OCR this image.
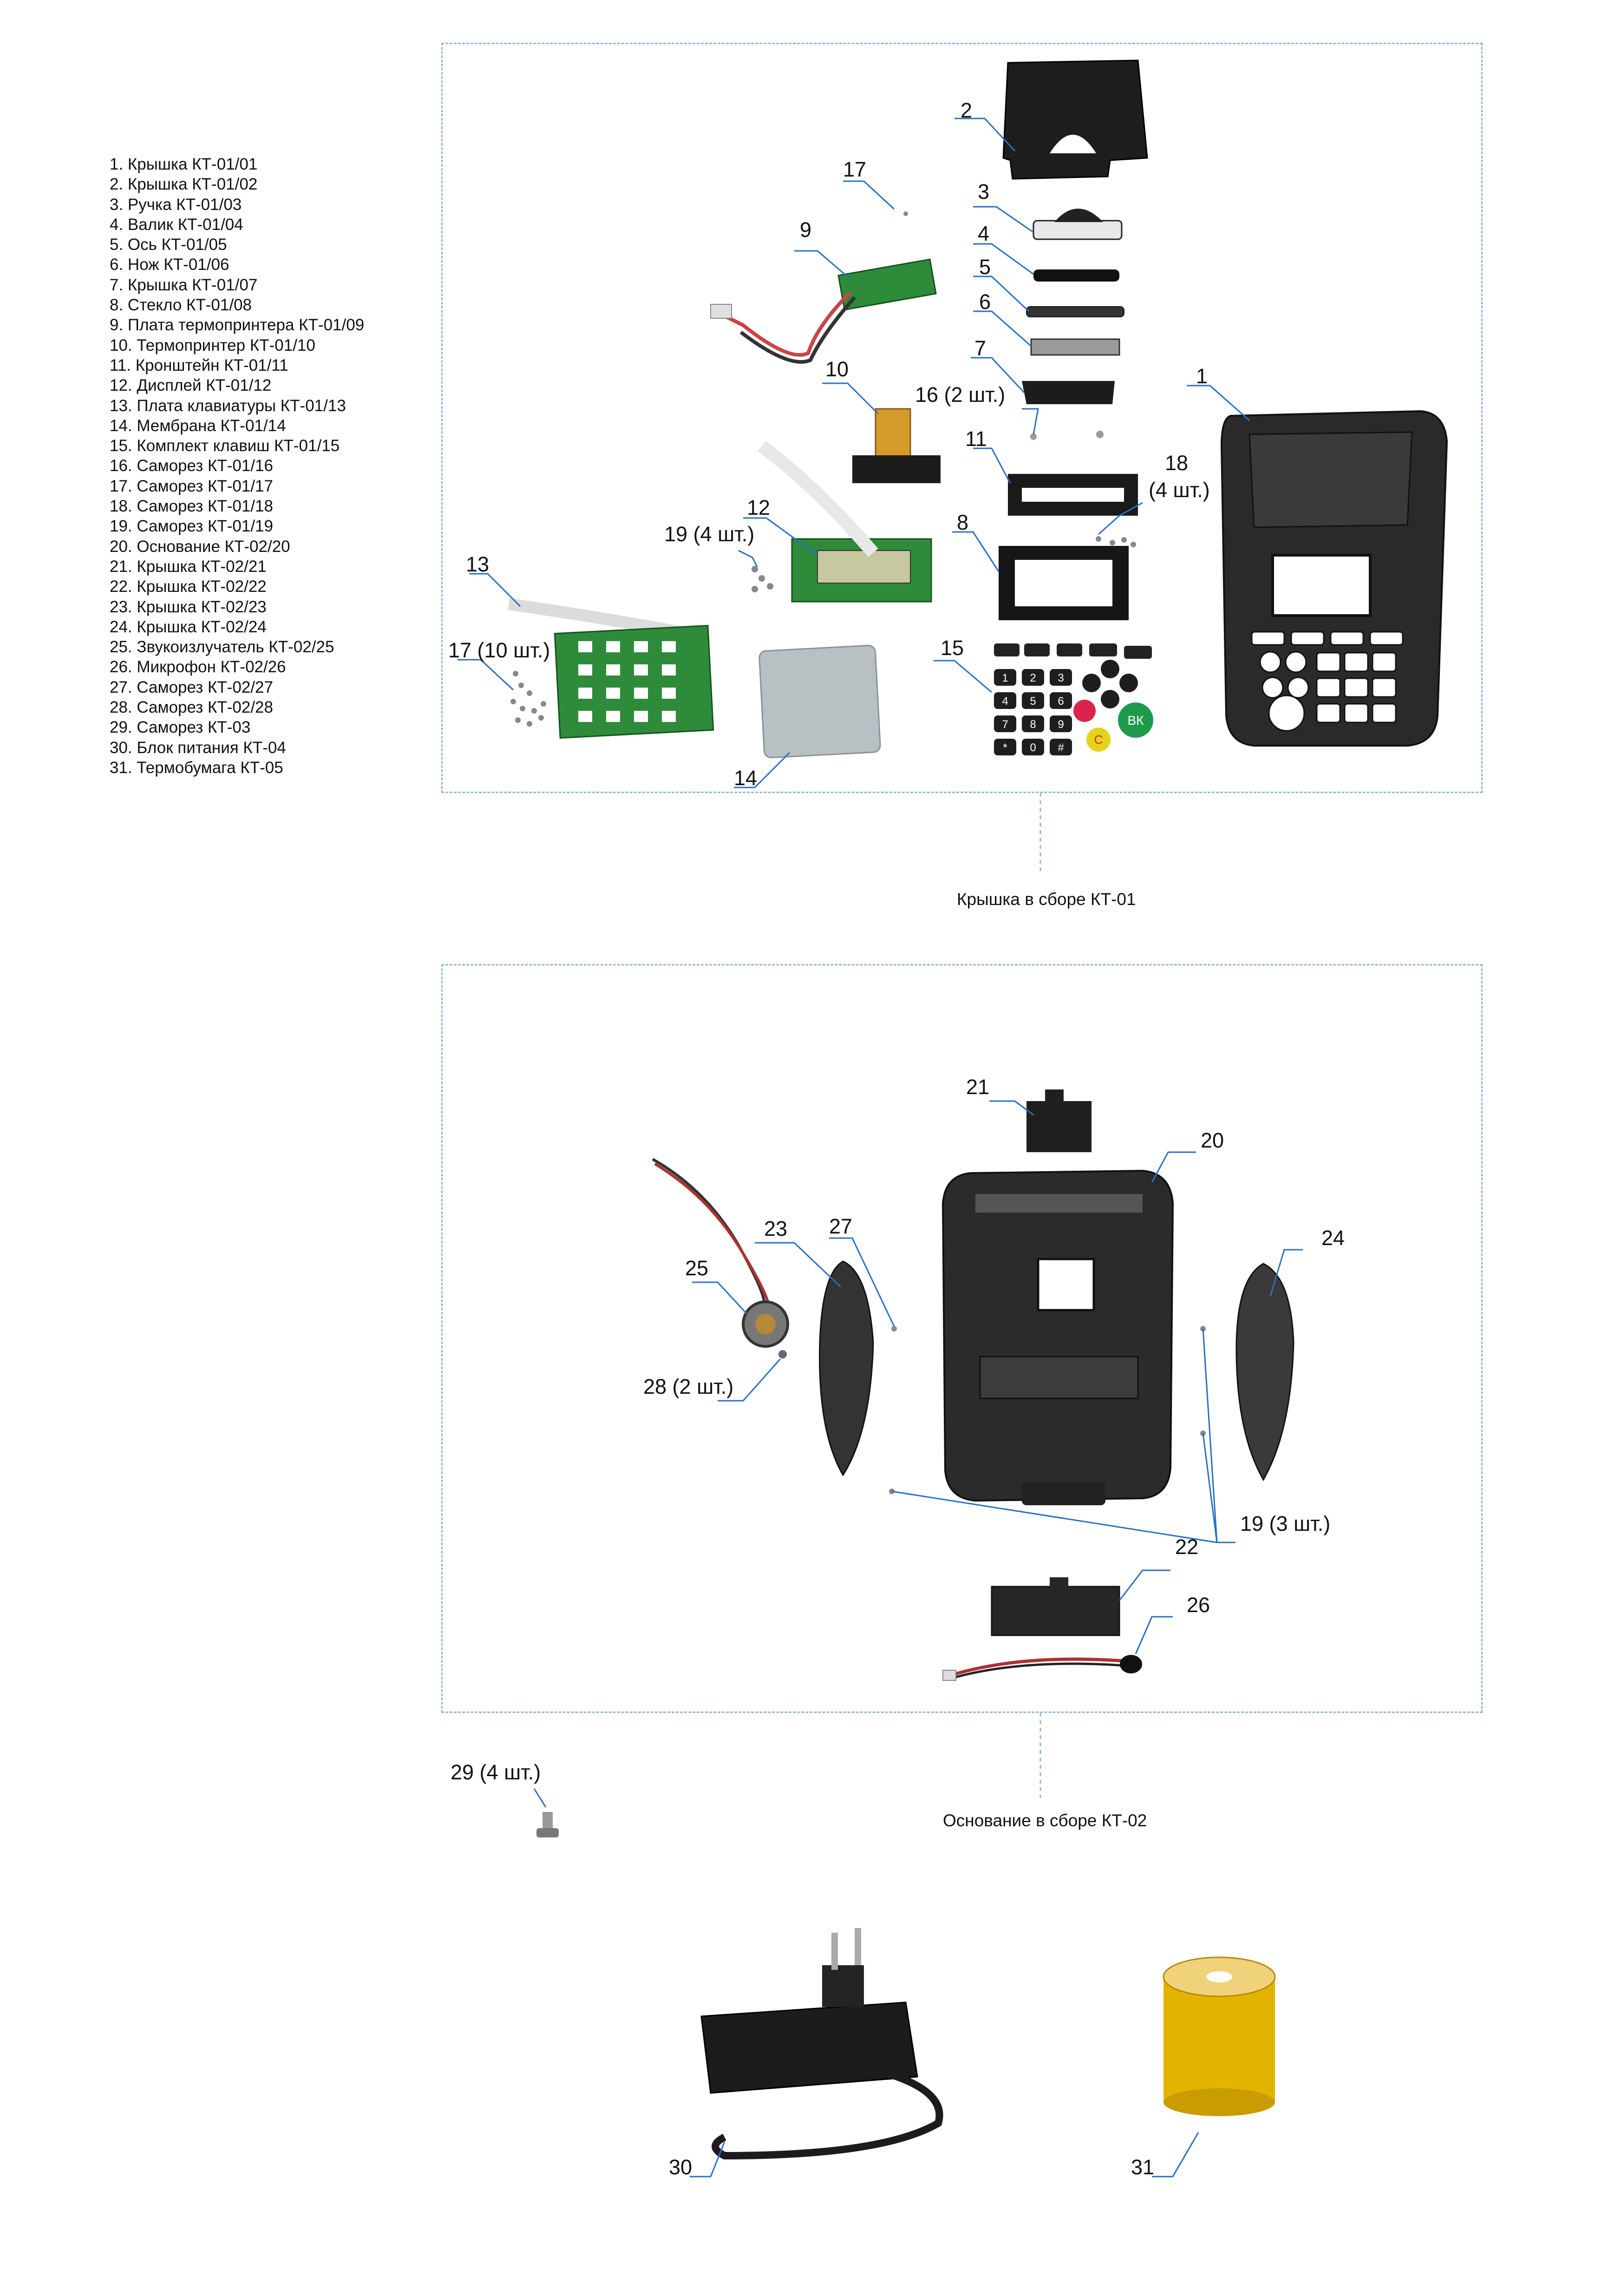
1. Крышка КТ-01/01
2. Крышка КТ-01/02
3. Ручка КТ-01/03
4. Валик КТ-01/04
5. Ось КТ-01/05
6. Нож КТ-01/06
7. Крышка КТ-01/07
8. Стекло КТ-01/08
9. Плата термопринтера КТ-01/09
10. Термопринтер КТ-01/10
11. Кронштейн КТ-01/11
12. Дисплей КТ-01/12
13. Плата клавиатуры КТ-01/13
14. Мембрана КТ-01/14
15. Комплект клавиш КТ-01/15
16. Саморез КТ-01/16
17. Саморез КТ-01/17
18. Саморез КТ-01/18
19. Саморез КТ-01/19
20. Основание КТ-02/20
21. Крышка КТ-02/21
22. Крышка КТ-02/22
23. Крышка КТ-02/23
24. Крышка КТ-02/24
25. Звукоизлучатель КТ-02/25
26. Микрофон КТ-02/26
27. Саморез КТ-02/27
28. Саморез КТ-02/28
29. Саморез КТ-03
30. Блок питания КТ-04
31. Термобумага КТ-05
Крышка в сборе КТ-01
Основание в сборе КТ-02
1
2
3
4
5
6
7
8
9
10
11
12
13
14
15
16 (2 шт.)
17
17 (10 шт.)
18
(4 шт.)
19 (4 шт.)
19 (3 шт.)
20
21
22
23	24
25
26
27
28 (2 шт.)
29 (4 шт.)
30	31
1 2 3
4 5 6
7 8 9
* 0 #
ВК
С
